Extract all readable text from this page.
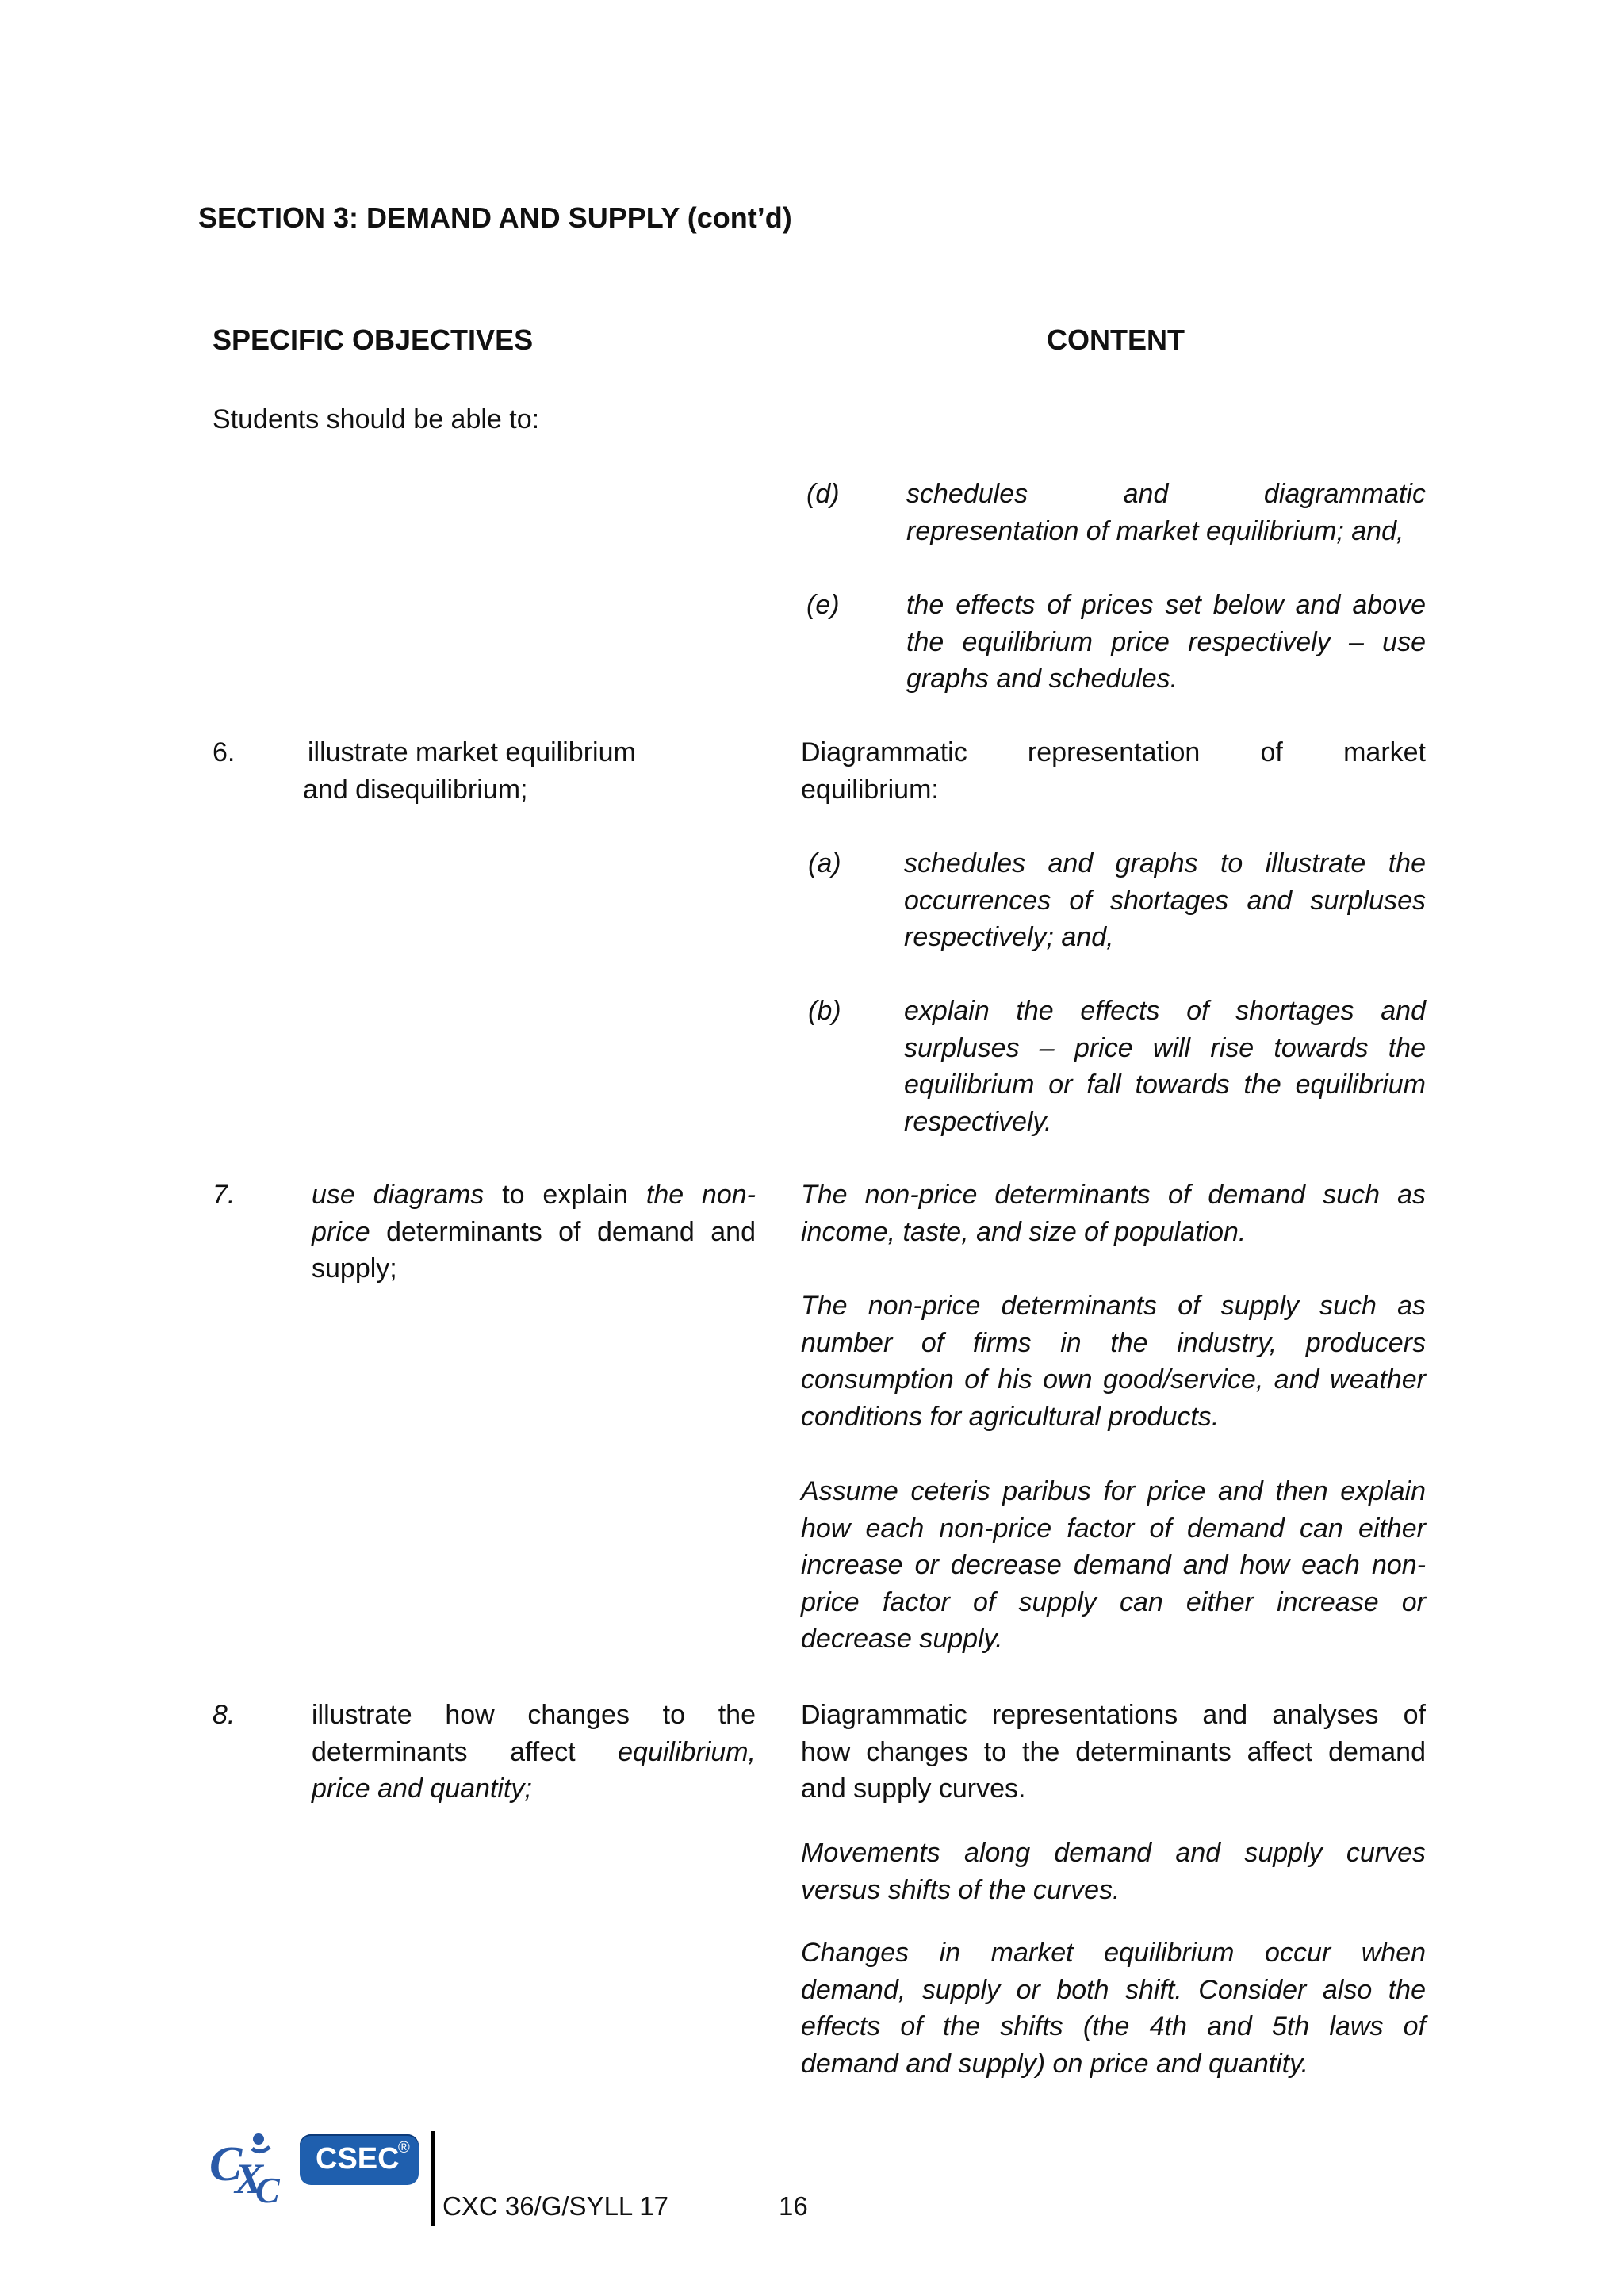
SECTION 3: DEMAND AND SUPPLY (cont’d)
SPECIFIC OBJECTIVES	CONTENT
Students should be able to:
(d) schedules and diagrammatic
representation of market equilibrium; and,
(e) the effects of prices set below and above
the equilibrium price respectively – use
graphs and schedules.
6.	illustrate market equilibrium
and disequilibrium;
Diagrammatic representation of market
equilibrium:
(a) schedules and graphs to illustrate the
occurrences of shortages and surpluses
respectively; and,
(b) explain the effects of shortages and
surpluses – price will rise towards the
equilibrium or fall towards the equilibrium
respectively.
7.	use diagrams to explain the non-
price determinants of demand and
supply;
The non-price determinants of demand such as
income, taste, and size of population.
The non-price determinants of supply such as
number of firms in the industry, producers
consumption of his own good/service, and weather
conditions for agricultural products.
Assume ceteris paribus for price and then explain
how each non-price factor of demand can either
increase or decrease demand and how each non-
price factor of supply can either increase or
decrease supply.
8.	illustrate how changes to the
determinants affect equilibrium,
price and quantity;
Diagrammatic representations and analyses of
how changes to the determinants affect demand
and supply curves.
Movements along demand and supply curves
versus shifts of the curves.
Changes in market equilibrium occur when
demand, supply or both shift. Consider also the
effects of the shifts (the 4th and 5th laws of
demand and supply) on price and quantity.
C
X
C
CSEC
®
CXC 36/G/SYLL 17	16
